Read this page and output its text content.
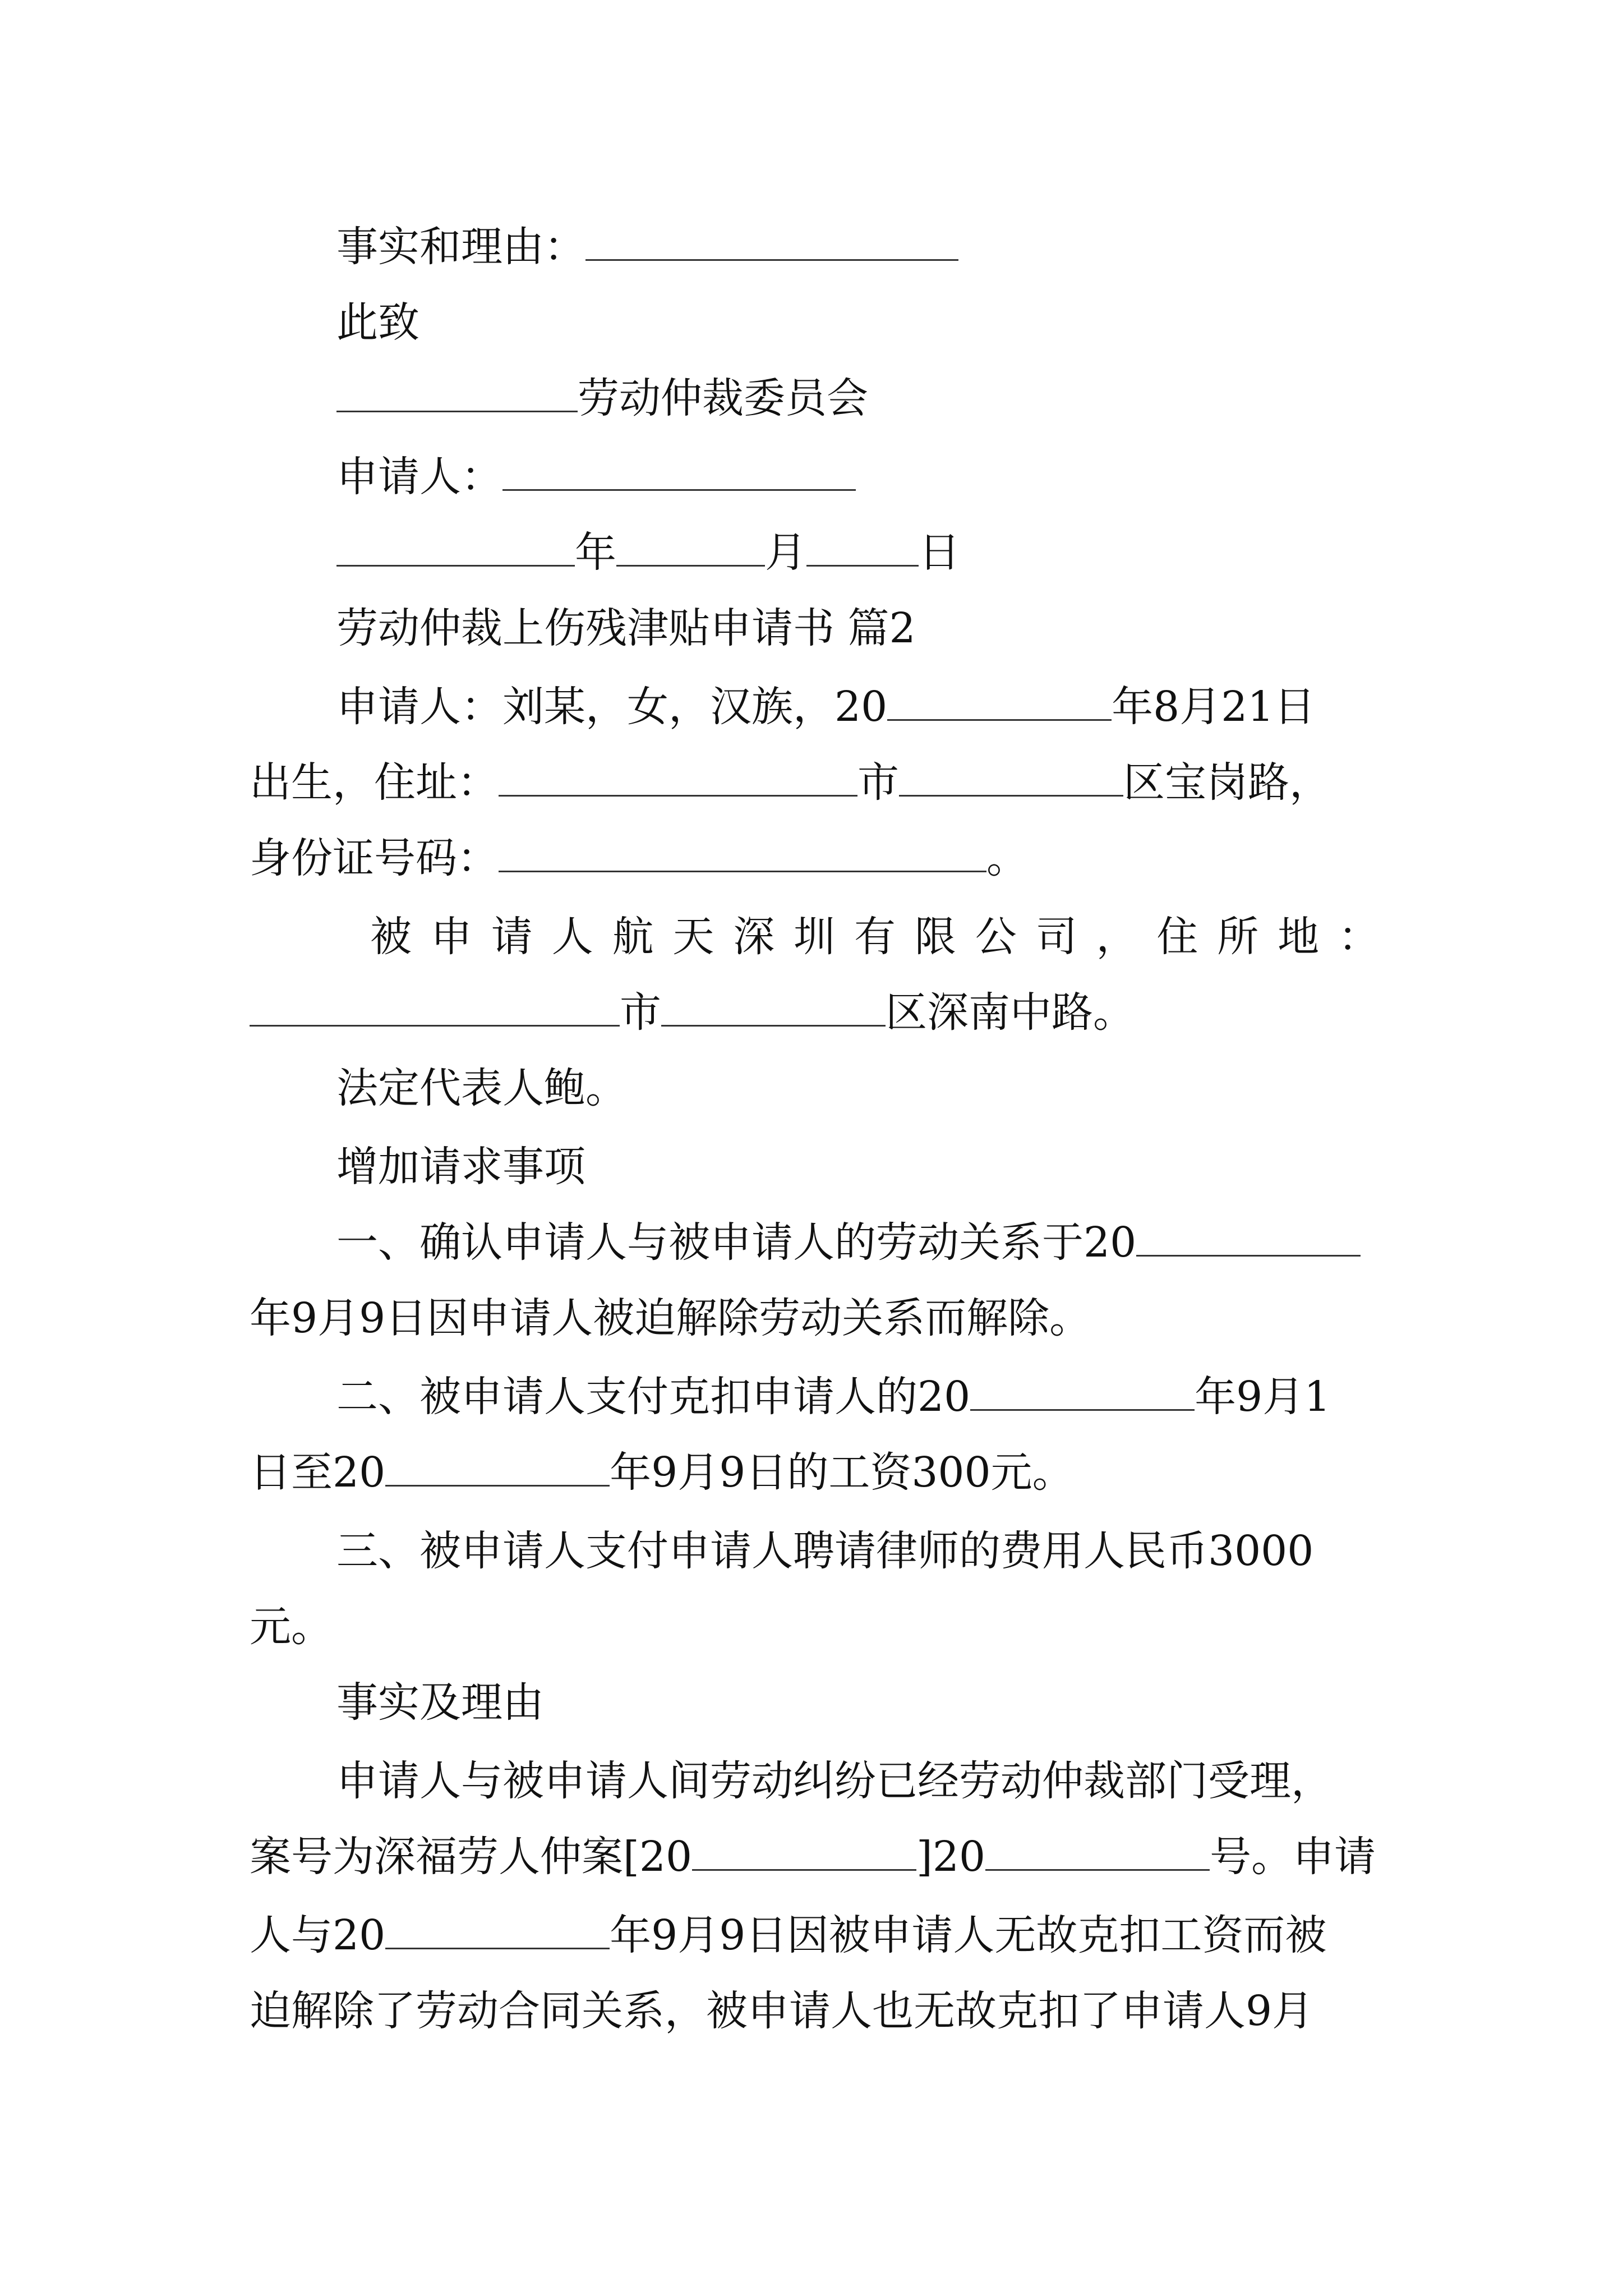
事实和理由：
此致
劳动仲裁委员会
申请人：
年	月	日
劳动仲裁上伤残津贴申请书 篇2
申请人：刘某，女，汉族，20	年8月21日
出生，住址：	市	区宝岗路，
身份证号码：	。
被 申 请 人 航 天 深 圳 有 限 公 司 ， 住 所 地 ：
市	区深南中路。
法定代表人鲍。
增加请求事项
一、确认申请人与被申请人的劳动关系于20
年9月9日因申请人被迫解除劳动关系而解除。
二、被申请人支付克扣申请人的20	年9月1
日至20	年9月9日的工资300元。
三、被申请人支付申请人聘请律师的费用人民币3000
元。
事实及理由
申请人与被申请人间劳动纠纷已经劳动仲裁部门受理，
案号为深福劳人仲案[20	]20	号。申请
人与20	年9月9日因被申请人无故克扣工资而被
迫解除了劳动合同关系，被申请人也无故克扣了申请人9月
